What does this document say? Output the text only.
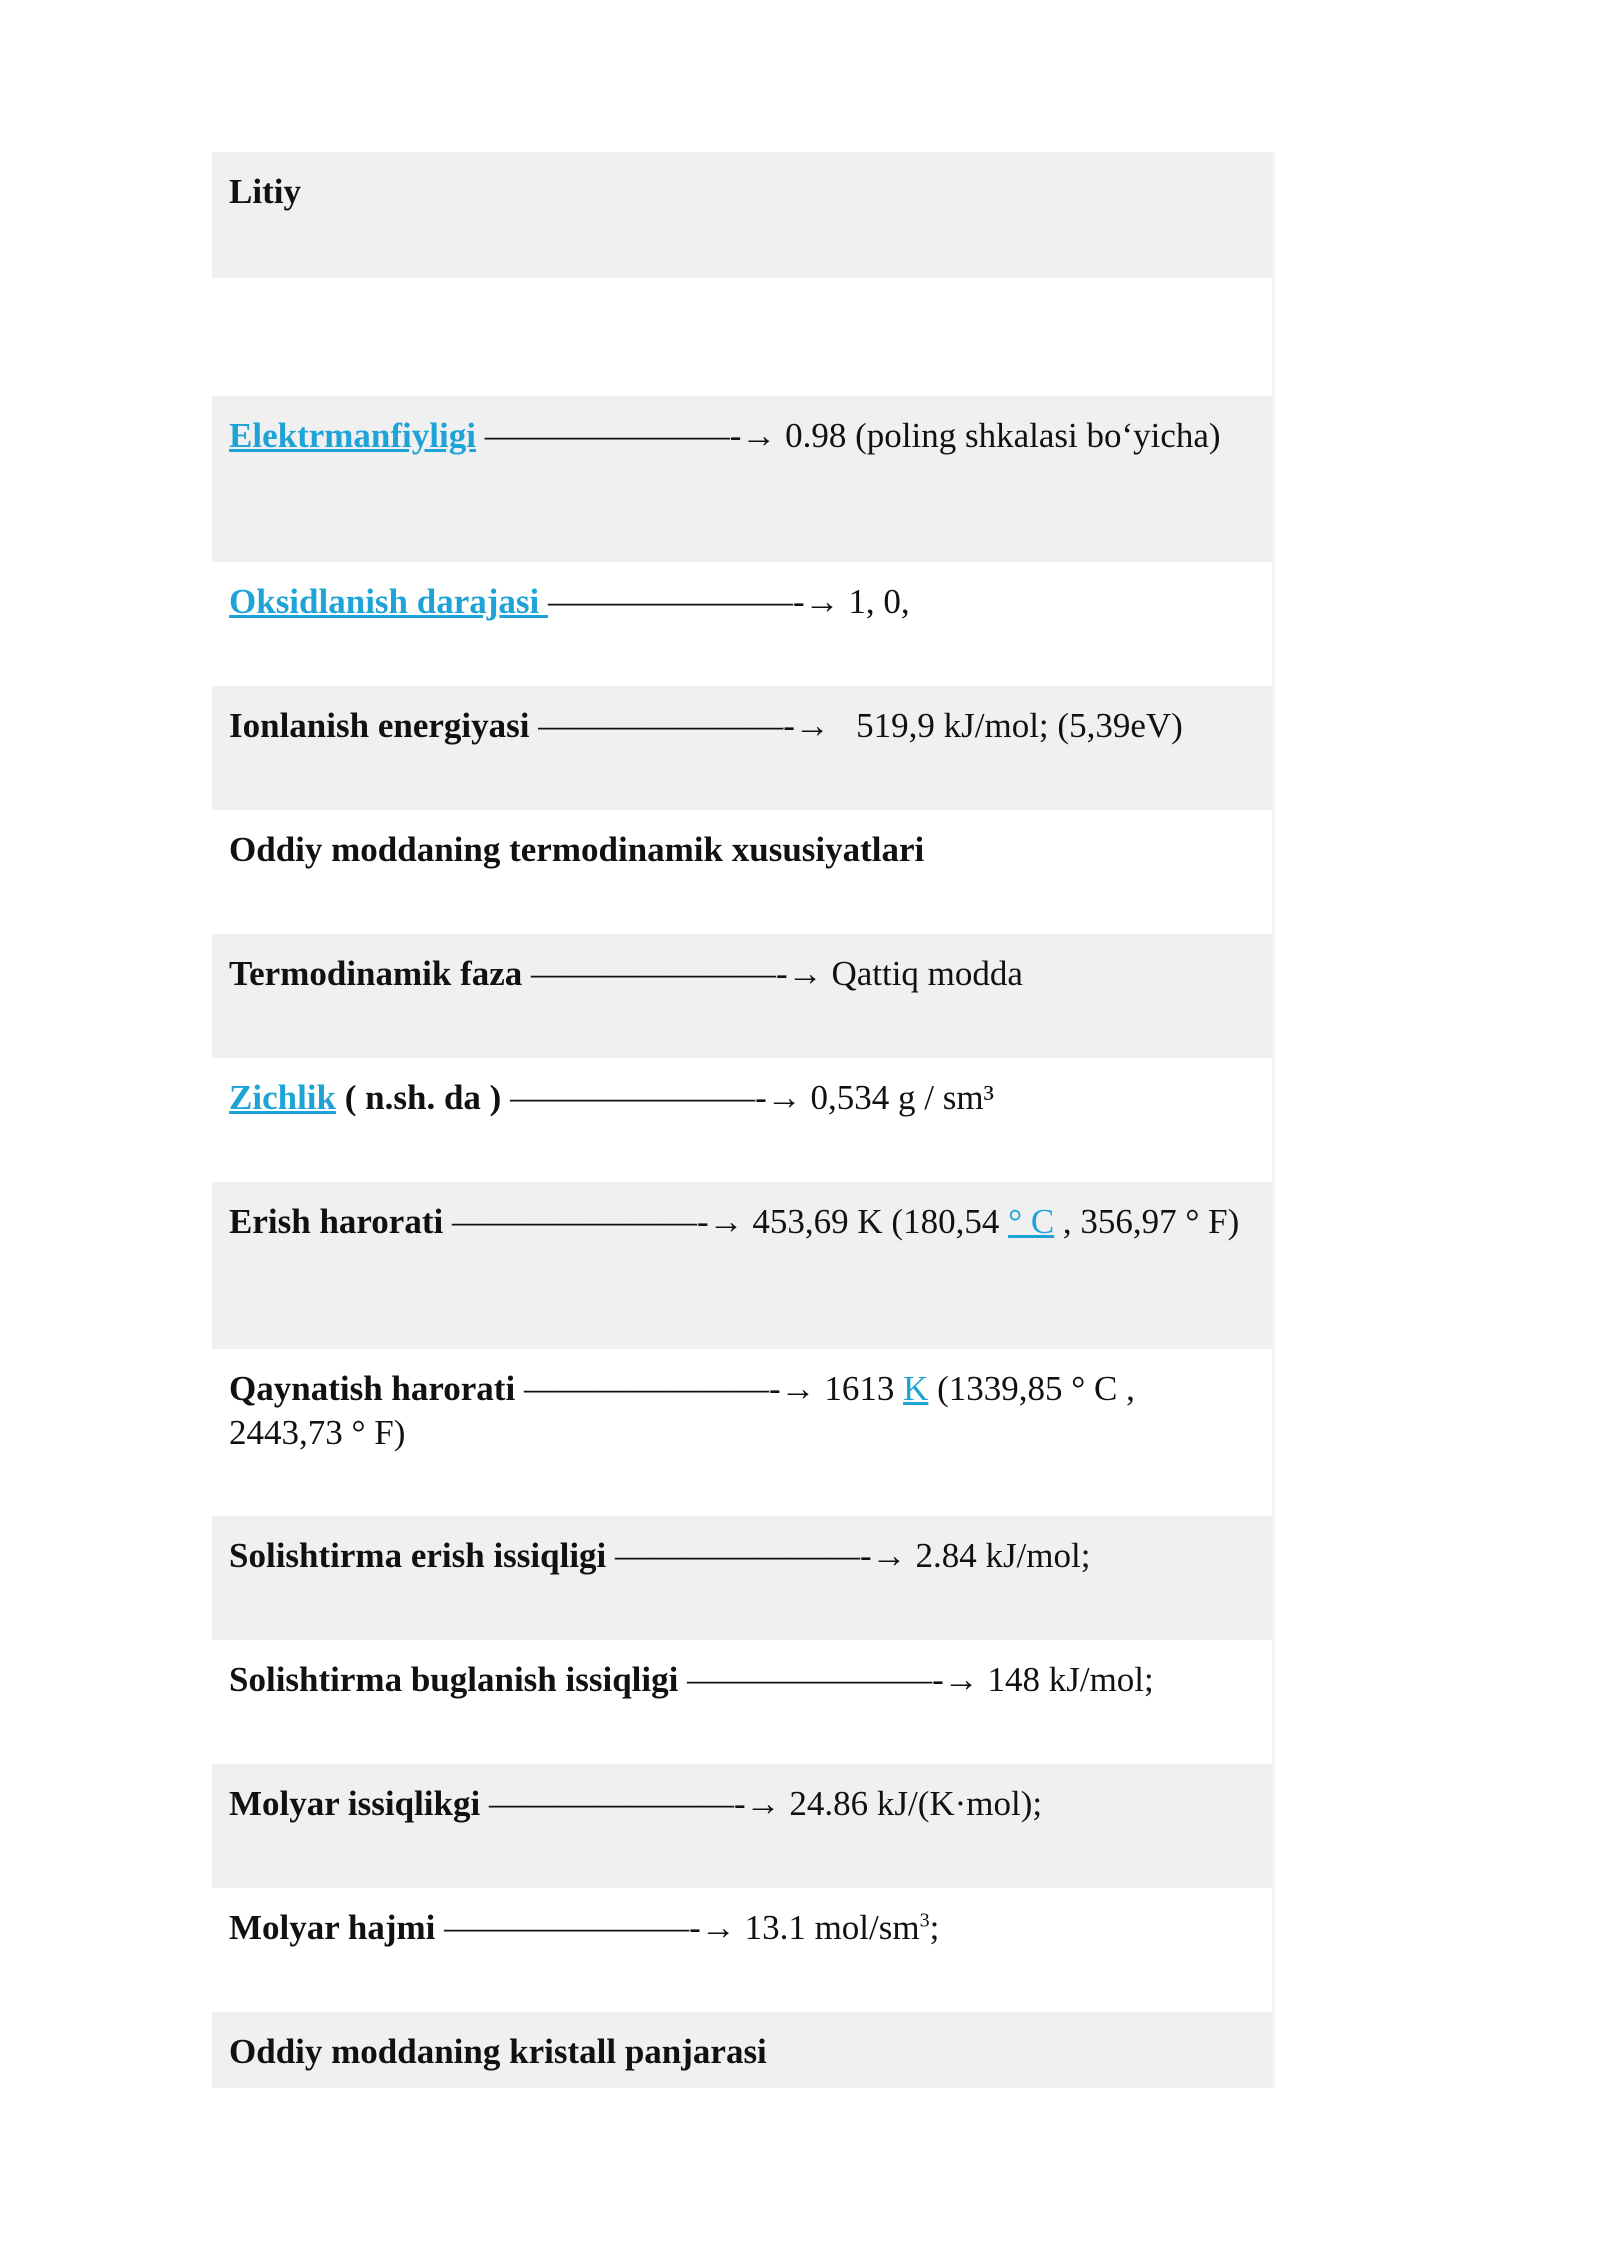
Litiy
Elektrmanfiyligi ———————-→ 0.98 (poling shkalasi bo‘yicha)
Oksidlanish darajasi ———————-→ 1, 0,
Ionlanish energiyasi ———————-→ 519,9 kJ/mol; (5,39eV)
Oddiy moddaning termodinamik xususiyatlari
Termodinamik faza ———————-→ Qattiq modda
Zichlik ( n.sh. da ) ———————-→ 0,534 g / sm³
Erish harorati ———————-→ 453,69 K (180,54 ° C , 356,97 ° F)
Qaynatish harorati ———————-→ 1613 K (1339,85 ° C , 2443,73 ° F)
Solishtirma erish issiqligi ———————-→ 2.84 kJ/mol;
Solishtirma buglanish issiqligi ———————-→ 148 kJ/mol;
Molyar issiqlikgi ———————-→ 24.86 kJ/(K·mol);
Molyar hajmi ———————-→ 13.1 mol/$sm^3$;
Oddiy moddaning kristall panjarasi
